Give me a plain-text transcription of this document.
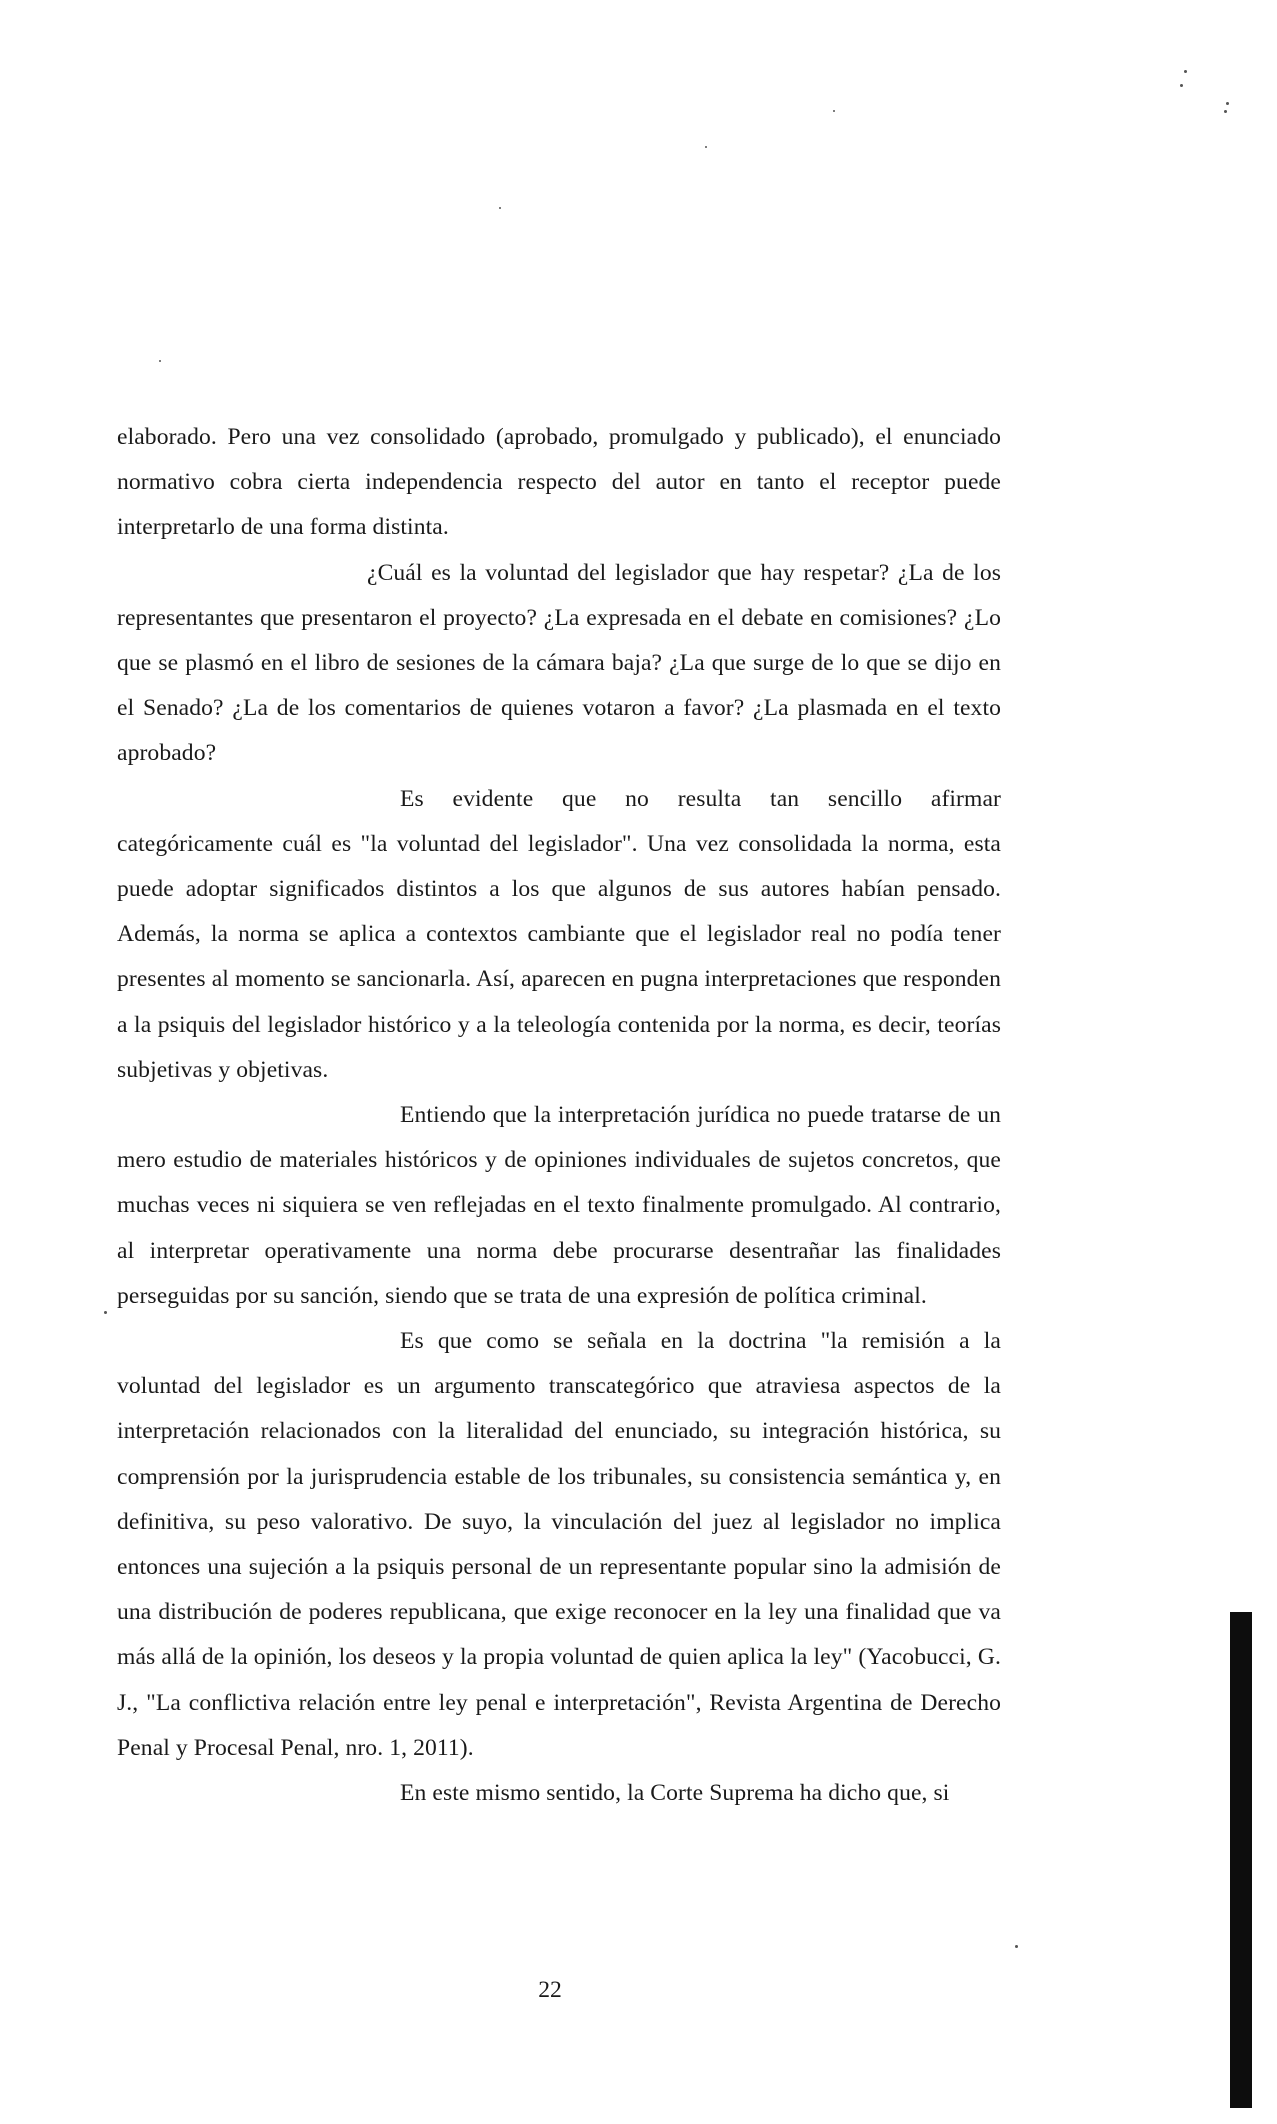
elaborado. Pero una vez consolidado (aprobado, promulgado y publicado), el enunciado normativo cobra cierta independencia respecto del autor en tanto el receptor puede interpretarlo de una forma distinta.

¿Cuál es la voluntad del legislador que hay respetar? ¿La de los representantes que presentaron el proyecto? ¿La expresada en el debate en comisiones? ¿Lo que se plasmó en el libro de sesiones de la cámara baja? ¿La que surge de lo que se dijo en el Senado? ¿La de los comentarios de quienes votaron a favor? ¿La plasmada en el texto aprobado?

Es evidente que no resulta tan sencillo afirmar categóricamente cuál es "la voluntad del legislador". Una vez consolidada la norma, esta puede adoptar significados distintos a los que algunos de sus autores habían pensado. Además, la norma se aplica a contextos cambiante que el legislador real no podía tener presentes al momento se sancionarla. Así, aparecen en pugna interpretaciones que responden a la psiquis del legislador histórico y a la teleología contenida por la norma, es decir, teorías subjetivas y objetivas.

Entiendo que la interpretación jurídica no puede tratarse de un mero estudio de materiales históricos y de opiniones individuales de sujetos concretos, que muchas veces ni siquiera se ven reflejadas en el texto finalmente promulgado. Al contrario, al interpretar operativamente una norma debe procurarse desentrañar las finalidades perseguidas por su sanción, siendo que se trata de una expresión de política criminal.

Es que como se señala en la doctrina "la remisión a la voluntad del legislador es un argumento transcategórico que atraviesa aspectos de la interpretación relacionados con la literalidad del enunciado, su integración histórica, su comprensión por la jurisprudencia estable de los tribunales, su consistencia semántica y, en definitiva, su peso valorativo. De suyo, la vinculación del juez al legislador no implica entonces una sujeción a la psiquis personal de un representante popular sino la admisión de una distribución de poderes republicana, que exige reconocer en la ley una finalidad que va más allá de la opinión, los deseos y la propia voluntad de quien aplica la ley" (Yacobucci, G. J., "La conflictiva relación entre ley penal e interpretación", Revista Argentina de Derecho Penal y Procesal Penal, nro. 1, 2011).

En este mismo sentido, la Corte Suprema ha dicho que, si

22
